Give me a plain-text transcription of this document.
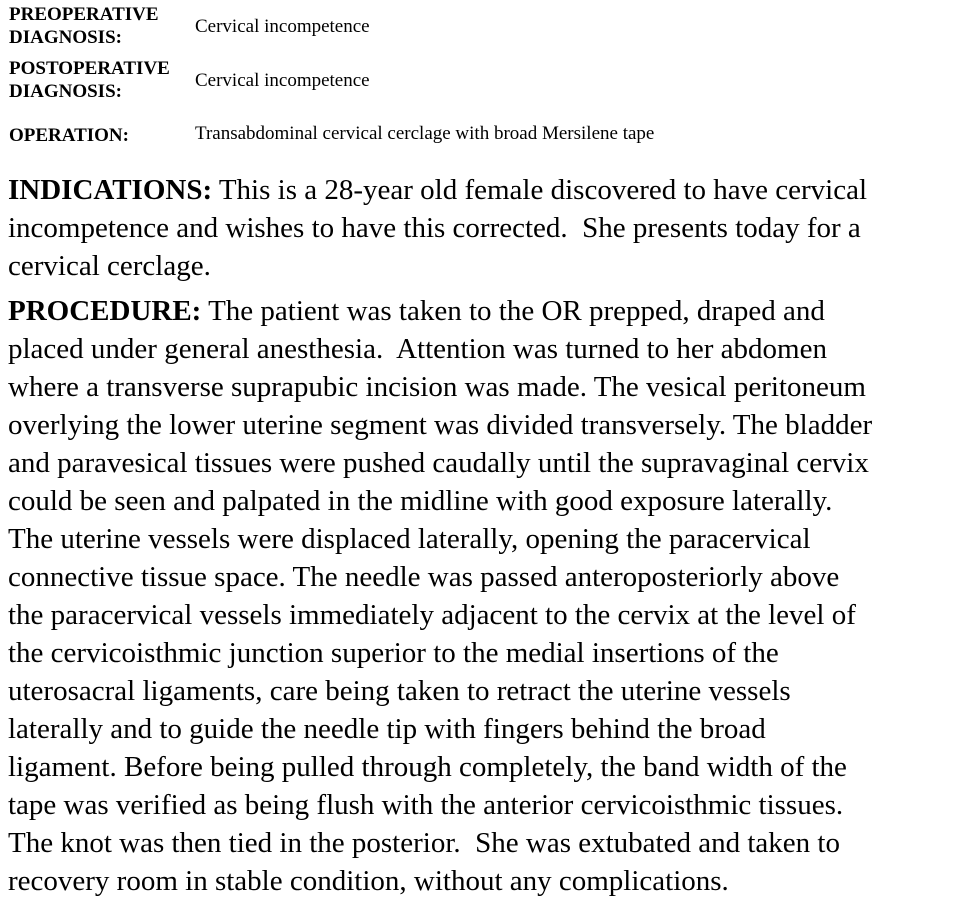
PREOPERATIVE
DIAGNOSIS:
Cervical incompetence
POSTOPERATIVE
DIAGNOSIS:
Cervical incompetence
OPERATION:	Transabdominal cervical cerclage with broad Mersilene tape
INDICATIONS: This is a 28-year old female discovered to have cervical
incompetence and wishes to have this corrected.  She presents today for a
cervical cerclage.
PROCEDURE: The patient was taken to the OR prepped, draped and
placed under general anesthesia.  Attention was turned to her abdomen
where a transverse suprapubic incision was made. The vesical peritoneum
overlying the lower uterine segment was divided transversely. The bladder
and paravesical tissues were pushed caudally until the supravaginal cervix
could be seen and palpated in the midline with good exposure laterally.
The uterine vessels were displaced laterally, opening the paracervical
connective tissue space. The needle was passed anteroposteriorly above
the paracervical vessels immediately adjacent to the cervix at the level of
the cervicoisthmic junction superior to the medial insertions of the
uterosacral ligaments, care being taken to retract the uterine vessels
laterally and to guide the needle tip with fingers behind the broad
ligament. Before being pulled through completely, the band width of the
tape was verified as being flush with the anterior cervicoisthmic tissues.
The knot was then tied in the posterior.  She was extubated and taken to
recovery room in stable condition, without any complications.
